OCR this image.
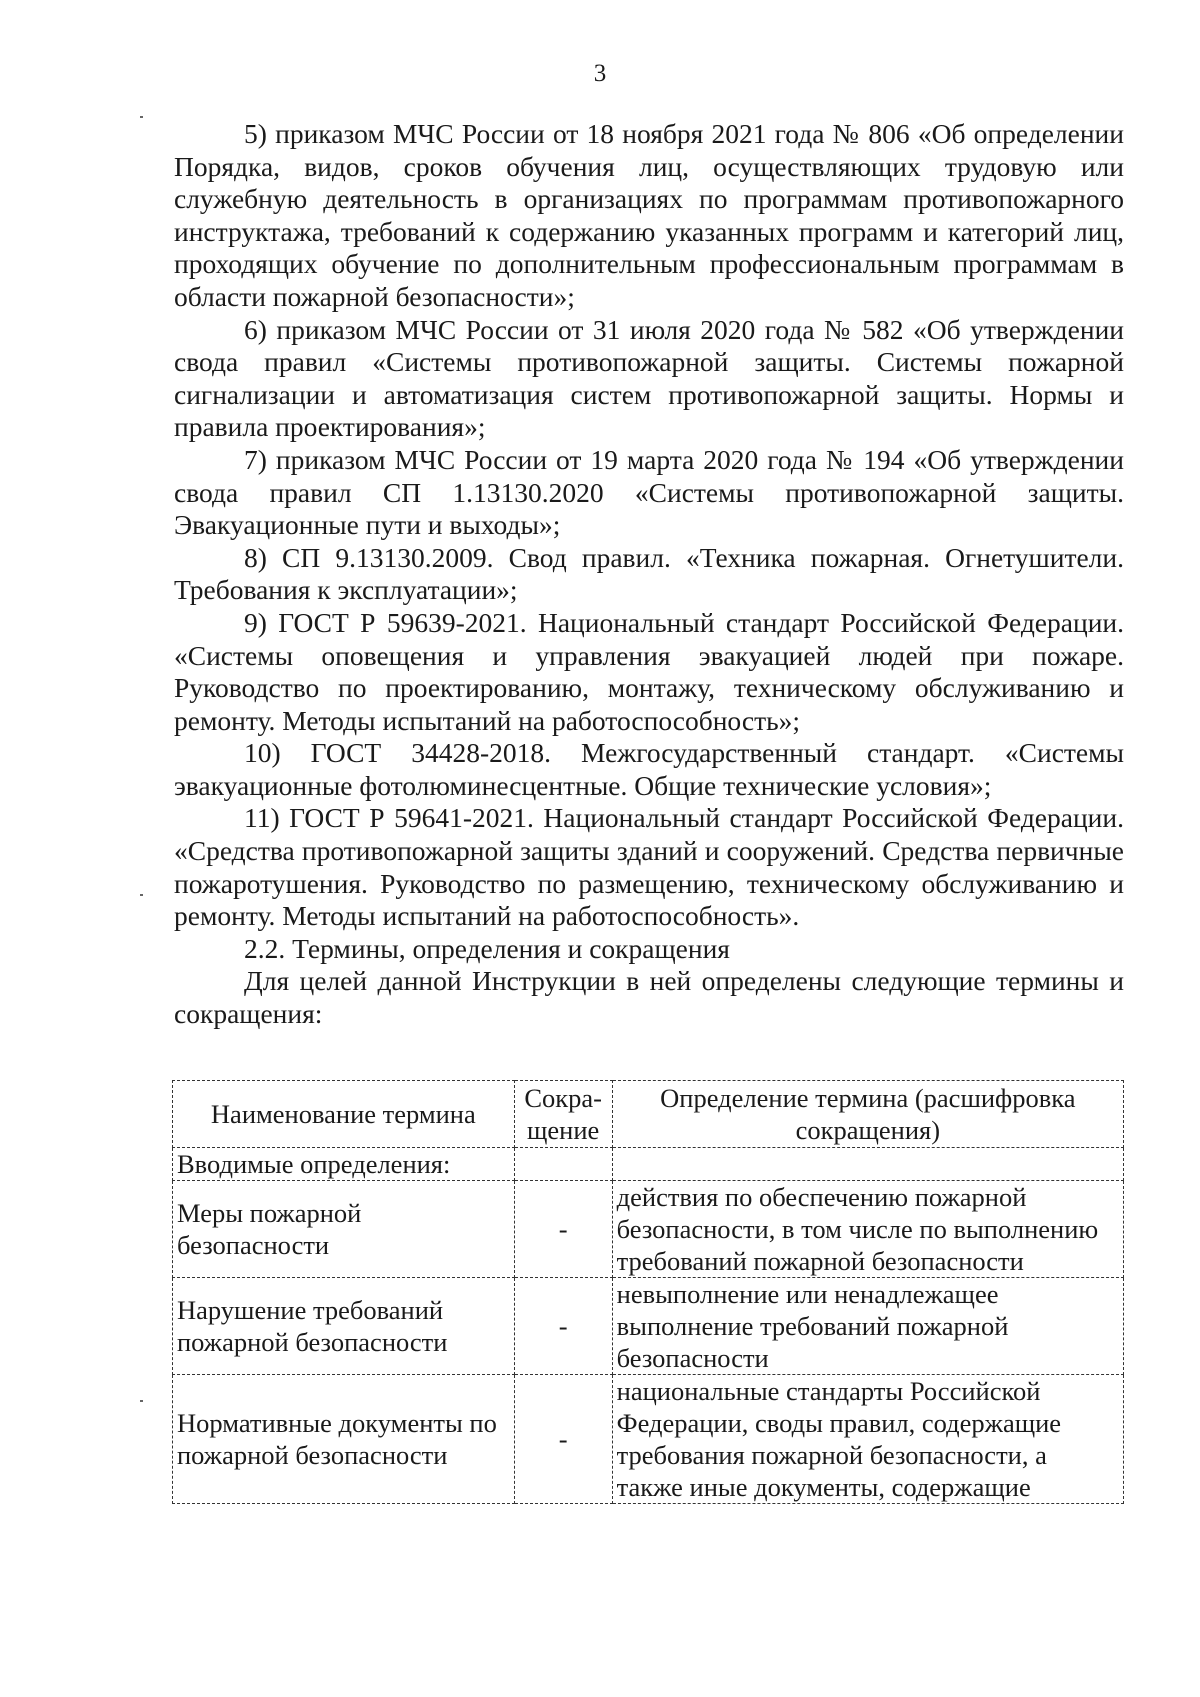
3

5) приказом МЧС России от 18 ноября 2021 года № 806 «Об определении Порядка, видов, сроков обучения лиц, осуществляющих трудовую или служебную деятельность в организациях по программам противопожарного инструктажа, требований к содержанию указанных программ и категорий лиц, проходящих обучение по дополнительным профессиональным программам в области пожарной безопасности»;

6) приказом МЧС России от 31 июля 2020 года № 582 «Об утверждении свода правил «Системы противопожарной защиты. Системы пожарной сигнализации и автоматизация систем противопожарной защиты. Нормы и правила проектирования»;

7) приказом МЧС России от 19 марта 2020 года № 194 «Об утверждении свода правил СП 1.13130.2020 «Системы противопожарной защиты. Эвакуационные пути и выходы»;

8) СП 9.13130.2009. Свод правил. «Техника пожарная. Огнетушители. Требования к эксплуатации»;

9) ГОСТ Р 59639-2021. Национальный стандарт Российской Федерации. «Системы оповещения и управления эвакуацией людей при пожаре. Руководство по проектированию, монтажу, техническому обслуживанию и ремонту. Методы испытаний на работоспособность»;

10) ГОСТ 34428-2018. Межгосударственный стандарт. «Системы эвакуационные фотолюминесцентные. Общие технические условия»;

11) ГОСТ Р 59641-2021. Национальный стандарт Российской Федерации. «Средства противопожарной защиты зданий и сооружений. Средства первичные пожаротушения. Руководство по размещению, техническому обслуживанию и ремонту. Методы испытаний на работоспособность».

2.2. Термины, определения и сокращения

Для целей данной Инструкции в ней определены следующие термины и сокращения:

Наименование термина	Сокра-щение	Определение термина (расшифровка сокращения)
Вводимые определения:		
Меры пожарной безопасности	-	действия по обеспечению пожарной безопасности, в том числе по выполнению требований пожарной безопасности
Нарушение требований пожарной безопасности	-	невыполнение или ненадлежащее выполнение требований пожарной безопасности
Нормативные документы по пожарной безопасности	-	национальные стандарты Российской Федерации, своды правил, содержащие требования пожарной безопасности, а также иные документы, содержащие
